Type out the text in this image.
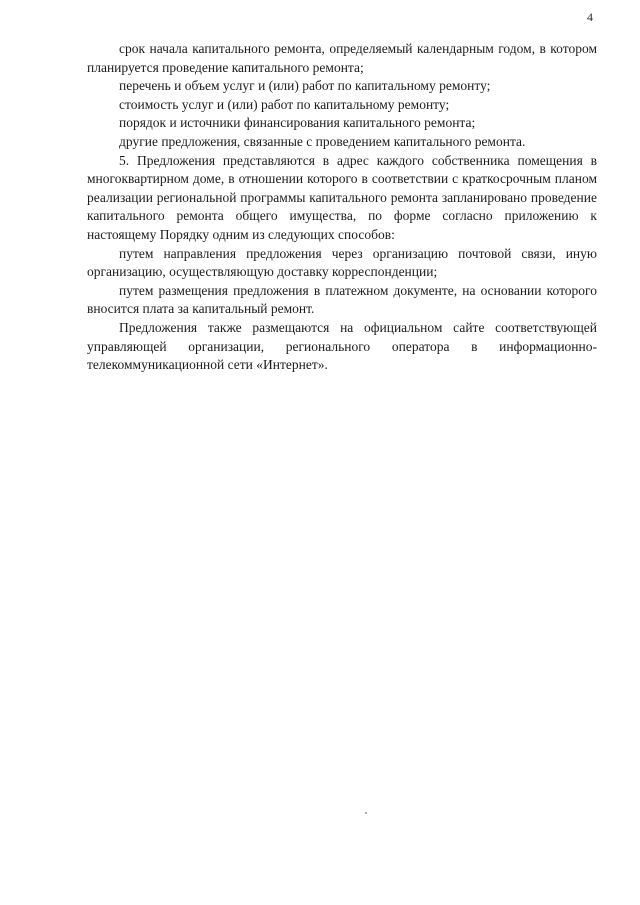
4

срок начала капитального ремонта, определяемый календарным годом, в котором планируется проведение капитального ремонта;

перечень и объем услуг и (или) работ по капитальному ремонту;

стоимость услуг и (или) работ по капитальному ремонту;

порядок и источники финансирования капитального ремонта;

другие предложения, связанные с проведением капитального ремонта.

5. Предложения представляются в адрес каждого собственника помещения в многоквартирном доме, в отношении которого в соответствии с краткосрочным планом реализации региональной программы капитального ремонта запланировано проведение капитального ремонта общего имущества, по форме согласно приложению к настоящему Порядку одним из следующих способов:

путем направления предложения через организацию почтовой связи, иную организацию, осуществляющую доставку корреспонденции;

путем размещения предложения в платежном документе, на основании которого вносится плата за капитальный ремонт.

Предложения также размещаются на официальном сайте соответствующей управляющей организации, регионального оператора в информационно-телекоммуникационной сети «Интернет».
